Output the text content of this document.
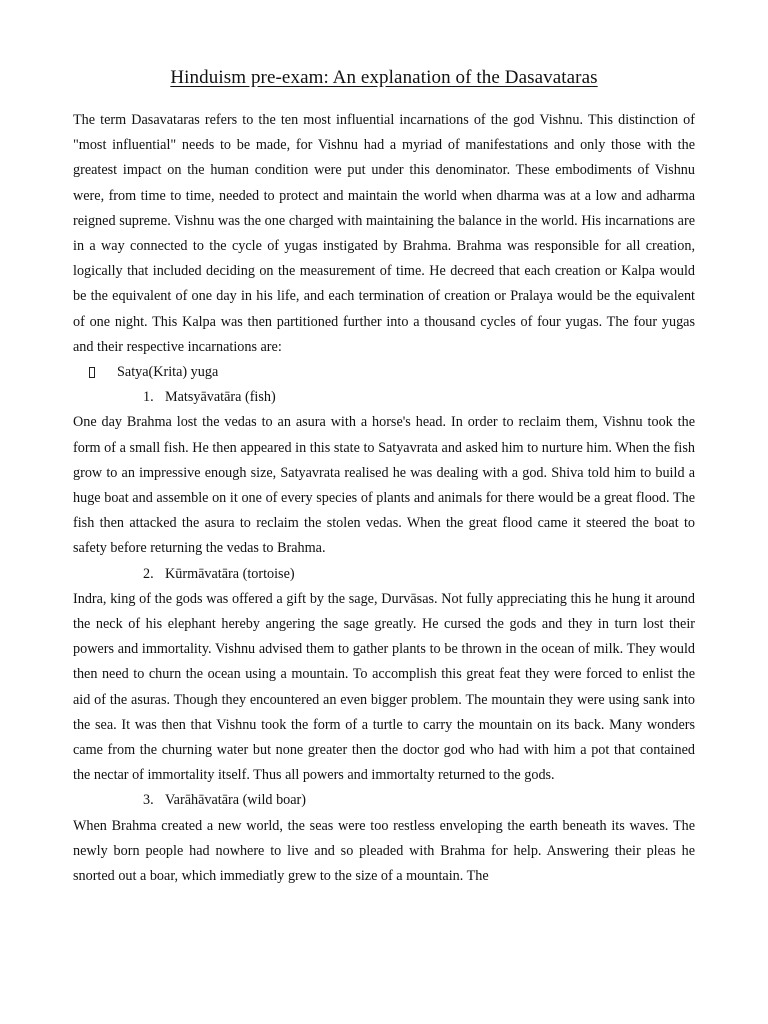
Hinduism pre-exam: An explanation of the Dasavataras

The term Dasavataras refers to the ten most influential incarnations of the god Vishnu. This distinction of "most influential" needs to be made, for Vishnu had a myriad of manifestations and only those with the greatest impact on the human condition were put under this denominator. These embodiments of Vishnu were, from time to time, needed to protect and maintain the world when dharma was at a low and adharma reigned supreme. Vishnu was the one charged with maintaining the balance in the world. His incarnations are in a way connected to the cycle of yugas instigated by Brahma. Brahma was responsible for all creation, logically that included deciding on the measurement of time. He decreed that each creation or Kalpa would be the equivalent of one day in his life, and each termination of creation or Pralaya would be the equivalent of one night. This Kalpa was then partitioned further into a thousand cycles of four yugas. The four yugas and their respective incarnations are:

Satya(Krita) yuga
1. Matsyāvatāra (fish)

One day Brahma lost the vedas to an asura with a horse's head. In order to reclaim them, Vishnu took the form of a small fish. He then appeared in this state to Satyavrata and asked him to nurture him. When the fish grow to an impressive enough size, Satyavrata realised he was dealing with a god. Shiva told him to build a huge boat and assemble on it one of every species of plants and animals for there would be a great flood. The fish then attacked the asura to reclaim the stolen vedas. When the great flood came it steered the boat to safety before returning the vedas to Brahma.

2. Kūrmāvatāra (tortoise)

Indra, king of the gods was offered a gift by the sage, Durvāsas. Not fully appreciating this he hung it around the neck of his elephant hereby angering the sage greatly. He cursed the gods and they in turn lost their powers and immortality. Vishnu advised them to gather plants to be thrown in the ocean of milk. They would then need to churn the ocean using a mountain. To accomplish this great feat they were forced to enlist the aid of the asuras. Though they encountered an even bigger problem. The mountain they were using sank into the sea. It was then that Vishnu took the form of a turtle to carry the mountain on its back. Many wonders came from the churning water but none greater then the doctor god who had with him a pot that contained the nectar of immortality itself. Thus all powers and immortalty returned to the gods.

3. Varāhāvatāra (wild boar)

When Brahma created a new world, the seas were too restless enveloping the earth beneath its waves. The newly born people had nowhere to live and so pleaded with Brahma for help. Answering their pleas he snorted out a boar, which immediatly grew to the size of a mountain. The
